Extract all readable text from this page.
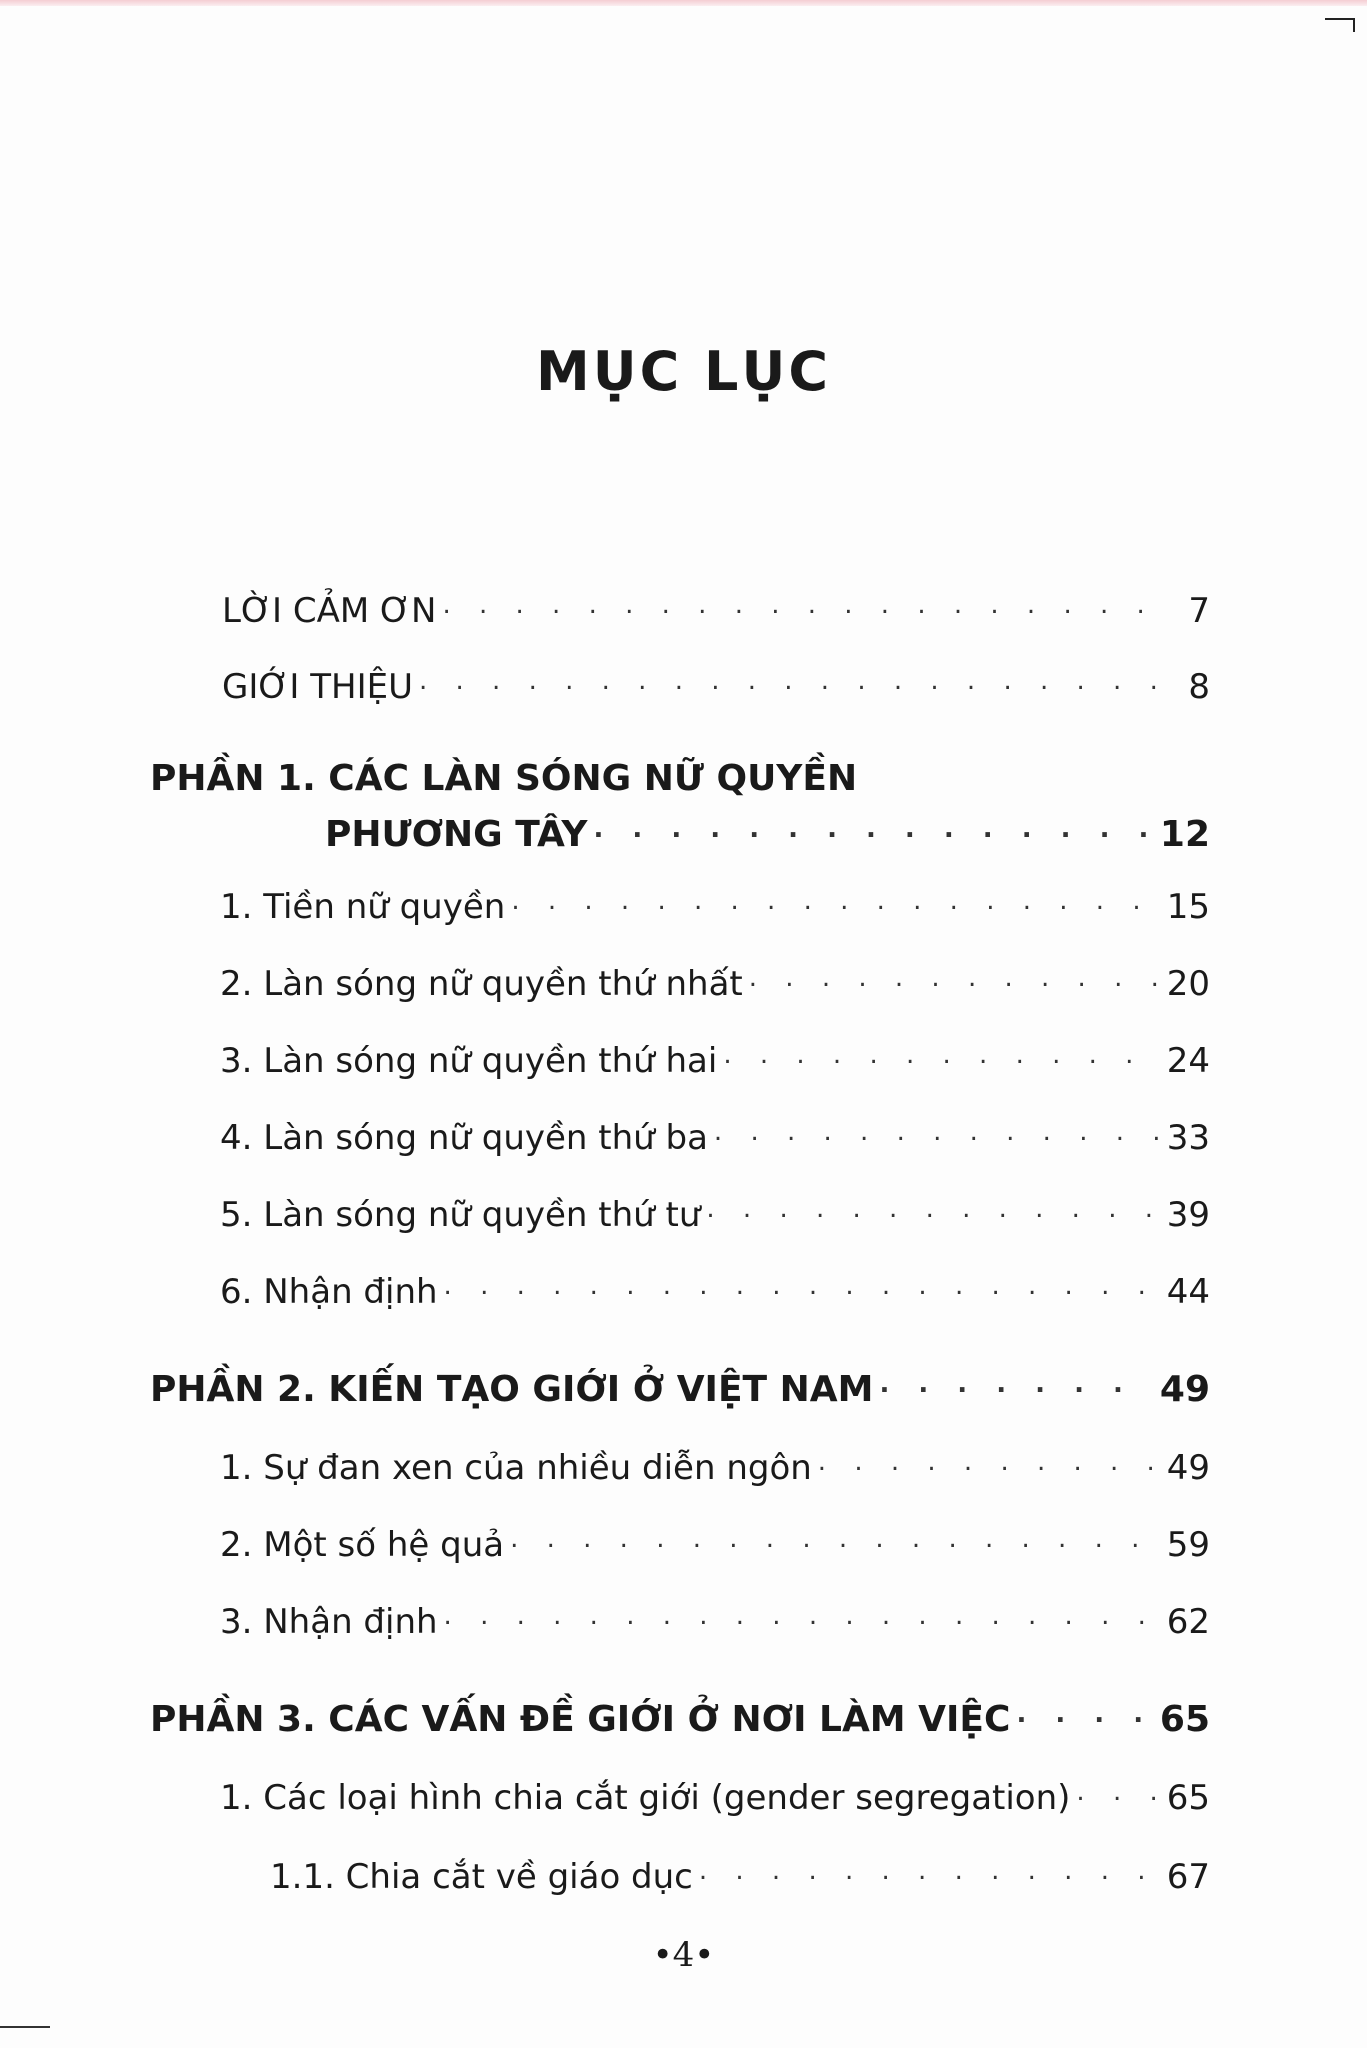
MỤC LỤC
LỜI CẢM ƠN . . .	7
GIỚI THIỆU . . .	8
PHẦN 1. CÁC LÀN SÓNG NỮ QUYỀN
PHƯƠNG TÂY . . .	12
1. Tiền nữ quyền . . .	15
2. Làn sóng nữ quyền thứ nhất . . .	20
3. Làn sóng nữ quyền thứ hai . . .	24
4. Làn sóng nữ quyền thứ ba . . .	33
5. Làn sóng nữ quyền thứ tư . . .	39
6. Nhận định . . .	44
PHẦN 2. KIẾN TẠO GIỚI Ở VIỆT NAM . . .	49
1. Sự đan xen của nhiều diễn ngôn . . .	49
2. Một số hệ quả . . .	59
3. Nhận định . . .	62
PHẦN 3. CÁC VẤN ĐỀ GIỚI Ở NƠI LÀM VIỆC . . .	65
1. Các loại hình chia cắt giới (gender segregation) . . .	65
1.1. Chia cắt về giáo dục . . .	67
•4•
